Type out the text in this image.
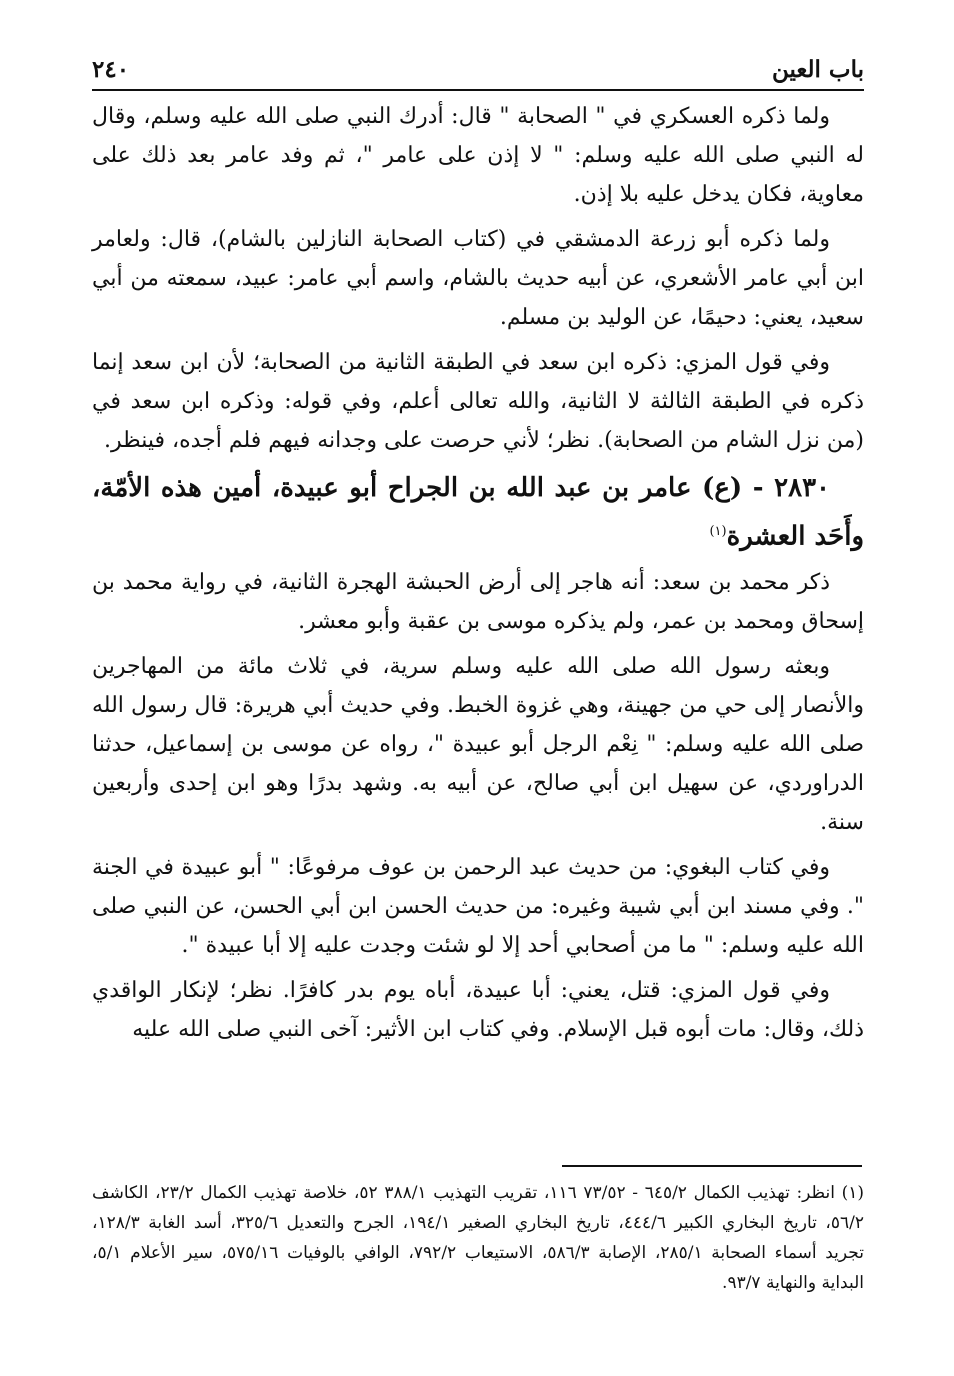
باب العين
٢٤٠

ولما ذكره العسكري في " الصحابة " قال: أدرك النبي صلى الله عليه وسلم، وقال له النبي صلى الله عليه وسلم: " لا إذن على عامر "، ثم وفد عامر بعد ذلك على معاوية، فكان يدخل عليه بلا إذن.

ولما ذكره أبو زرعة الدمشقي في (كتاب الصحابة النازلين بالشام)، قال: ولعامر ابن أبي عامر الأشعري، عن أبيه حديث بالشام، واسم أبي عامر: عبيد، سمعته من أبي سعيد، يعني: دحيمًا، عن الوليد بن مسلم.

وفي قول المزي: ذكره ابن سعد في الطبقة الثانية من الصحابة؛ لأن ابن سعد إنما ذكره في الطبقة الثالثة لا الثانية، والله تعالى أعلم، وفي قوله: وذكره ابن سعد في (من نزل الشام من الصحابة). نظر؛ لأني حرصت على وجدانه فيهم فلم أجده، فينظر.

٢٨٣٠ - (ع) عامر بن عبد الله بن الجراح أبو عبيدة، أمين هذه الأمّة، وأَحَد العشرة$^{(١)}$

ذكر محمد بن سعد: أنه هاجر إلى أرض الحبشة الهجرة الثانية، في رواية محمد بن إسحاق ومحمد بن عمر، ولم يذكره موسى بن عقبة وأبو معشر.

وبعثه رسول الله صلى الله عليه وسلم سرية، في ثلاث مائة من المهاجرين والأنصار إلى حي من جهينة، وهي غزوة الخبط. وفي حديث أبي هريرة: قال رسول الله صلى الله عليه وسلم: " نِعْم الرجل أبو عبيدة "، رواه عن موسى بن إسماعيل، حدثنا الدراوردي، عن سهيل ابن أبي صالح، عن أبيه به. وشهد بدرًا وهو ابن إحدى وأربعين سنة.

وفي كتاب البغوي: من حديث عبد الرحمن بن عوف مرفوعًا: " أبو عبيدة في الجنة ". وفي مسند ابن أبي شيبة وغيره: من حديث الحسن ابن أبي الحسن، عن النبي صلى الله عليه وسلم: " ما من أصحابي أحد إلا لو شئت وجدت عليه إلا أبا عبيدة ".

وفي قول المزي: قتل، يعني: أبا عبيدة، أباه يوم بدر كافرًا. نظر؛ لإنكار الواقدي ذلك، وقال: مات أبوه قبل الإسلام. وفي كتاب ابن الأثير: آخى النبي صلى الله عليه

(١) انظر: تهذيب الكمال ٦٤٥/٢ - ٧٣/٥٢ ١١٦، تقريب التهذيب ٣٨٨/١ ٥٢، خلاصة تهذيب الكمال ٢٣/٢، الكاشف ٥٦/٢، تاريخ البخاري الكبير ٤٤٤/٦، تاريخ البخاري الصغير ١٩٤/١، الجرح والتعديل ٣٢٥/٦، أسد الغابة ١٢٨/٣، تجريد أسماء الصحابة ٢٨٥/١، الإصابة ٥٨٦/٣، الاستيعاب ٧٩٢/٢، الوافي بالوفيات ٥٧٥/١٦، سير الأعلام ٥/١، البداية والنهاية ٩٣/٧.
